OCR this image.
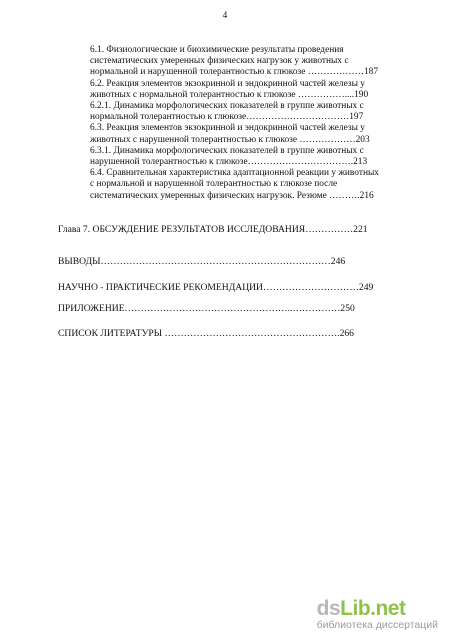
4
6.1. Физиологические и биохимические результаты проведения
систематических умеренных физических нагрузок у животных с
нормальной и нарушенной толерантностью к глюкозе ………………187
6.2. Реакция элементов экзокринной и эндокринной частей железы у
животных с нормальной толерантностью к глюкозе ……………....190
6.2.1. Динамика морфологических показателей в группе животных с
нормальной толерантностью к глюкозе……………………………197
6.3. Реакция элементов экзокринной и эндокринной частей железы у
животных с нарушенной толерантностью к глюкозе ………………203
6.3.1. Динамика морфологических показателей в группе животных с
нарушенной толерантностью к глюкозе…………………………….213
6.4. Сравнительная характеристика адаптационной реакции у животных
с нормальной и нарушенной толерантностью к глюкозе после
систематических умеренных физических нагрузок. Резюме ……….216
Глава 7. ОБСУЖДЕНИЕ РЕЗУЛЬТАТОВ ИССЛЕДОВАНИЯ……………221
ВЫВОДЫ………………………………………………………………246
НАУЧНО - ПРАКТИЧЕСКИЕ РЕКОМЕНДАЦИИ…………………………249
ПРИЛОЖЕНИЕ……………………………………………..……………250
СПИСОК ЛИТЕРАТУРЫ ……………………………………………….266
dsLib.net
библиотека диссертаций
